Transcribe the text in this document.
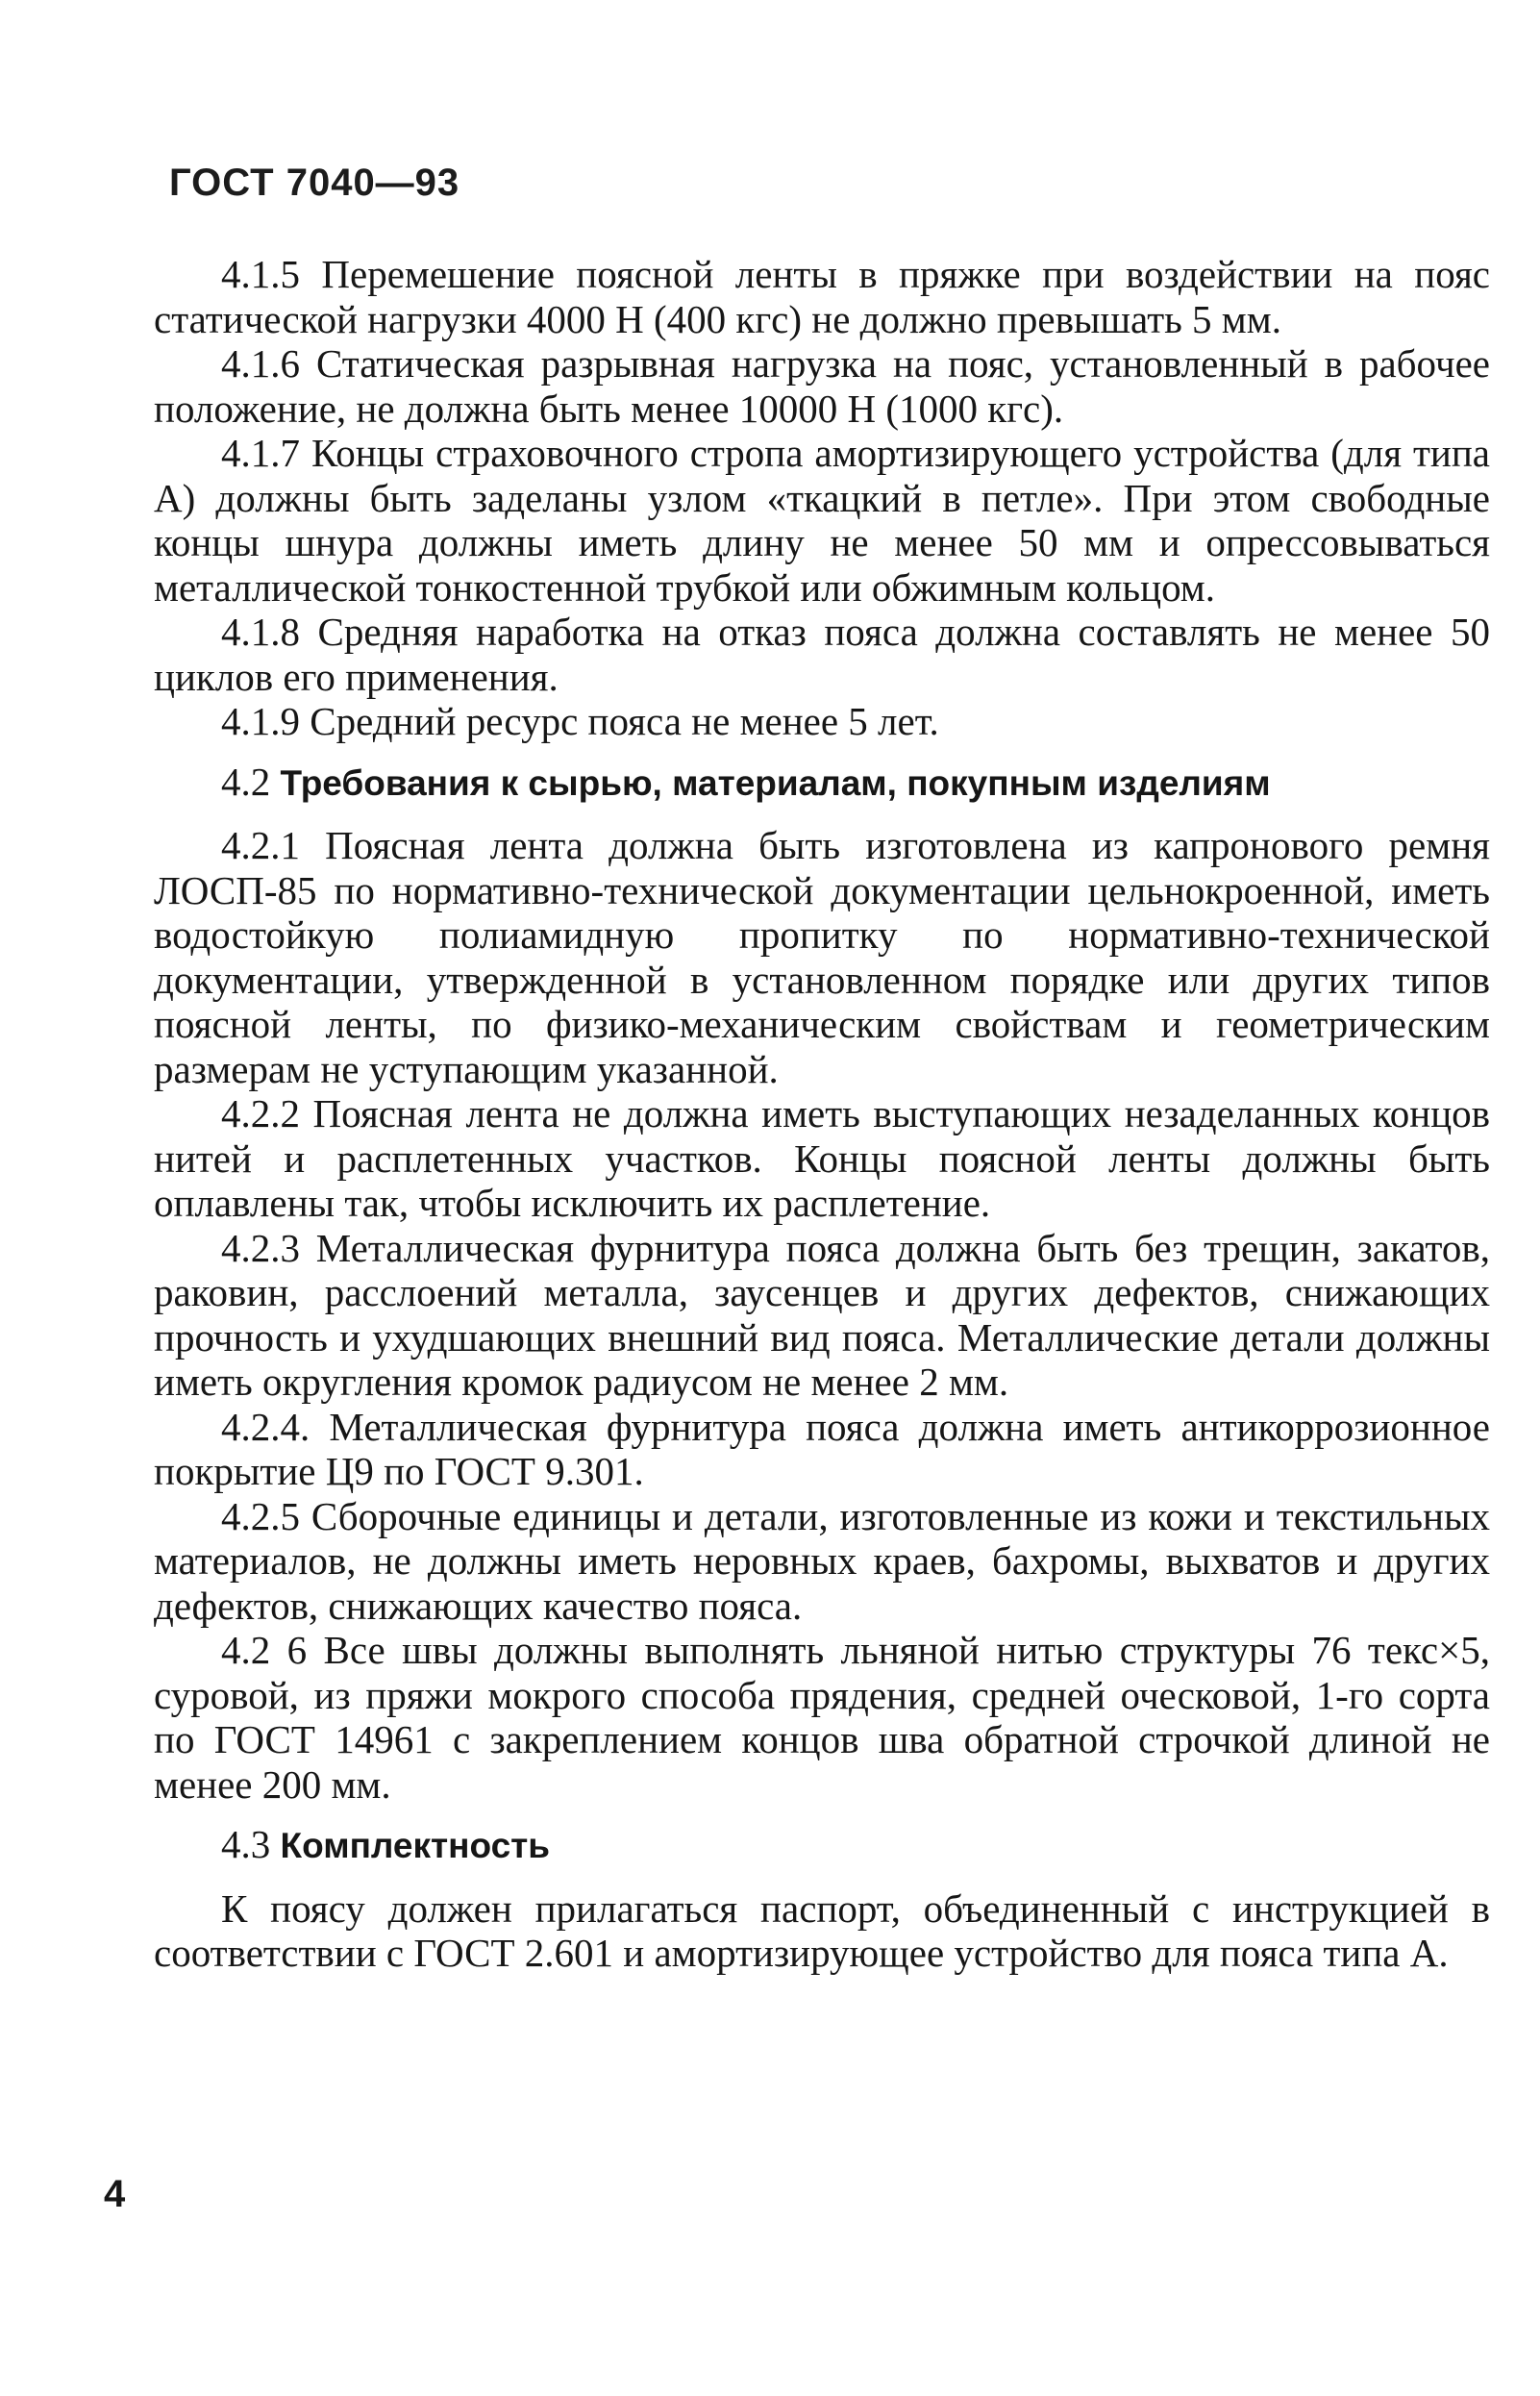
ГОСТ 7040—93

4.1.5 Перемешение поясной ленты в пряжке при воздействии на пояс статической нагрузки 4000 Н (400 кгс) не должно превышать 5 мм.

4.1.6 Статическая разрывная нагрузка на пояс, установленный в рабочее положение, не должна быть менее 10000 Н (1000 кгс).

4.1.7 Концы страховочного стропа амортизирующего устройства (для типа А) должны быть заделаны узлом «ткацкий в петле». При этом свободные концы шнура должны иметь длину не менее 50 мм и опрессовываться металлической тонкостенной трубкой или обжимным кольцом.

4.1.8 Средняя наработка на отказ пояса должна составлять не менее 50 циклов его применения.

4.1.9 Средний ресурс пояса не менее 5 лет.

4.2 Требования к сырью, материалам, покупным изделиям

4.2.1 Поясная лента должна быть изготовлена из капронового ремня ЛОСП-85 по нормативно-технической документации цельнокроенной, иметь водостойкую полиамидную пропитку по нормативно-технической документации, утвержденной в установленном порядке или других типов поясной ленты, по физико-механическим свойствам и геометрическим размерам не уступающим указанной.

4.2.2 Поясная лента не должна иметь выступающих незаделанных концов нитей и расплетенных участков. Концы поясной ленты должны быть оплавлены так, чтобы исключить их расплетение.

4.2.3 Металлическая фурнитура пояса должна быть без трещин, закатов, раковин, расслоений металла, заусенцев и других дефектов, снижающих прочность и ухудшающих внешний вид пояса. Металлические детали должны иметь округления кромок радиусом не менее 2 мм.

4.2.4. Металлическая фурнитура пояса должна иметь антикоррозионное покрытие Ц9 по ГОСТ 9.301.

4.2.5 Сборочные единицы и детали, изготовленные из кожи и текстильных материалов, не должны иметь неровных краев, бахромы, выхватов и других дефектов, снижающих качество пояса.

4.2 6 Все швы должны выполнять льняной нитью структуры 76 текс×5, суровой, из пряжи мокрого способа прядения, средней оческовой, 1-го сорта по ГОСТ 14961 с закреплением концов шва обратной строчкой длиной не менее 200 мм.

4.3 Комплектность

К поясу должен прилагаться паспорт, объединенный с инструкцией в соответствии с ГОСТ 2.601 и амортизирующее устройство для пояса типа А.

4
